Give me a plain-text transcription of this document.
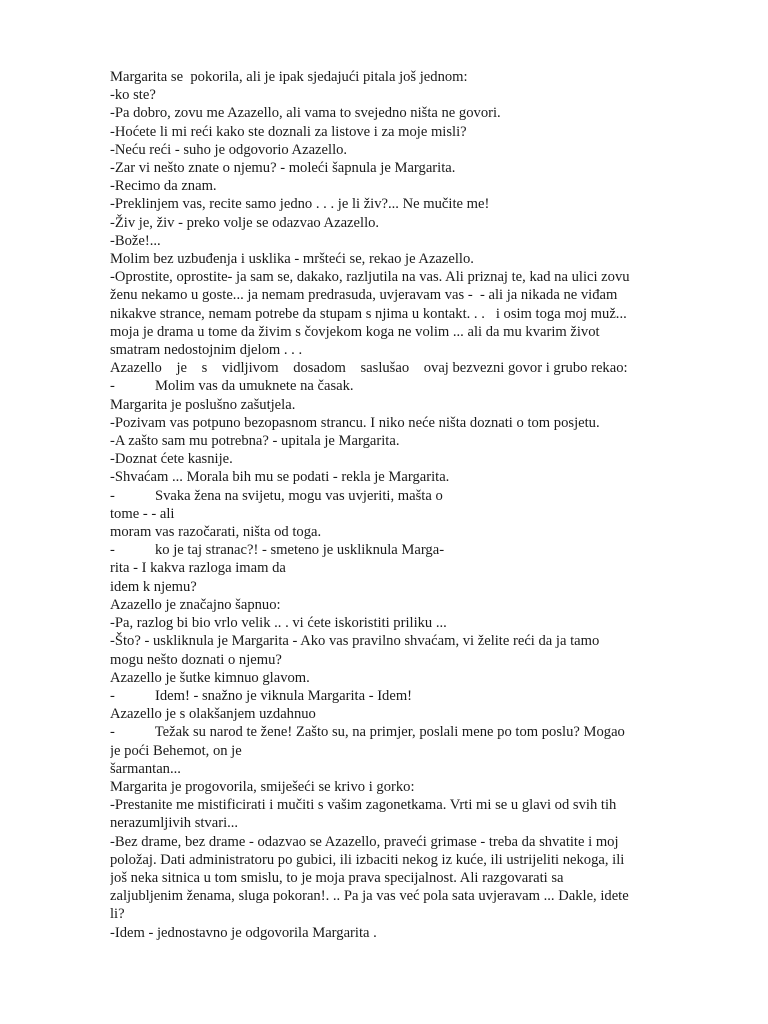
Margarita se  pokorila, ali je ipak sjedajući pitala još jednom:
-ko ste?
-Pa dobro, zovu me Azazello, ali vama to svejedno ništa ne govori.
-Hoćete li mi reći kako ste doznali za listove i za moje misli?
-Neću reći - suho je odgovorio Azazello.
-Zar vi nešto znate o njemu? - moleći šapnula je Margarita.
-Recimo da znam.
-Preklinjem vas, recite samo jedno . . . je li živ?... Ne mučite me!
-Živ je, živ - preko volje se odazvao Azazello.
-Bože!...
Molim bez uzbuđenja i usklika - mršteći se, rekao je Azazello.
-Oprostite, oprostite- ja sam se, dakako, razljutila na vas. Ali priznaj te, kad na ulici zovu
ženu nekamo u goste... ja nemam predrasuda, uvjeravam vas -  - ali ja nikada ne viđam
nikakve strance, nemam potrebe da stupam s njima u kontakt. . .   i osim toga moj muž...
moja je drama u tome da živim s čovjekom koga ne volim ... ali da mu kvarim život
smatram nedostojnim djelom . . .
Azazello    je    s    vidljivom    dosadom    saslušao    ovaj bezvezni govor i grubo rekao:
-           Molim vas da umuknete na časak.
Margarita je poslušno zašutjela.
-Pozivam vas potpuno bezopasnom strancu. I niko neće ništa doznati o tom posjetu.
-A zašto sam mu potrebna? - upitala je Margarita.
-Doznat ćete kasnije.
-Shvaćam ... Morala bih mu se podati - rekla je Margarita.
-           Svaka žena na svijetu, mogu vas uvjeriti, mašta o
tome - - ali
moram vas razočarati, ništa od toga.
-           ko je taj stranac?! - smeteno je uskliknula Marga-
rita - I kakva razloga imam da
idem k njemu?
Azazello je značajno šapnuo:
-Pa, razlog bi bio vrlo velik .. . vi ćete iskoristiti priliku ...
-Što? - uskliknula je Margarita - Ako vas pravilno shvaćam, vi želite reći da ja tamo
mogu nešto doznati o njemu?
Azazello je šutke kimnuo glavom.
-           Idem! - snažno je viknula Margarita - Idem!
Azazello je s olakšanjem uzdahnuo
-           Težak su narod te žene! Zašto su, na primjer, poslali mene po tom poslu? Mogao
je poći Behemot, on je
šarmantan...
Margarita je progovorila, smiješeći se krivo i gorko:
-Prestanite me mistificirati i mučiti s vašim zagonetkama. Vrti mi se u glavi od svih tih
nerazumljivih stvari...
-Bez drame, bez drame - odazvao se Azazello, praveći grimase - treba da shvatite i moj
položaj. Dati administratoru po gubici, ili izbaciti nekog iz kuće, ili ustrijeliti nekoga, ili
još neka sitnica u tom smislu, to je moja prava specijalnost. Ali razgovarati sa
zaljubljenim ženama, sluga pokoran!. .. Pa ja vas već pola sata uvjeravam ... Dakle, idete
li?
-Idem - jednostavno je odgovorila Margarita .
